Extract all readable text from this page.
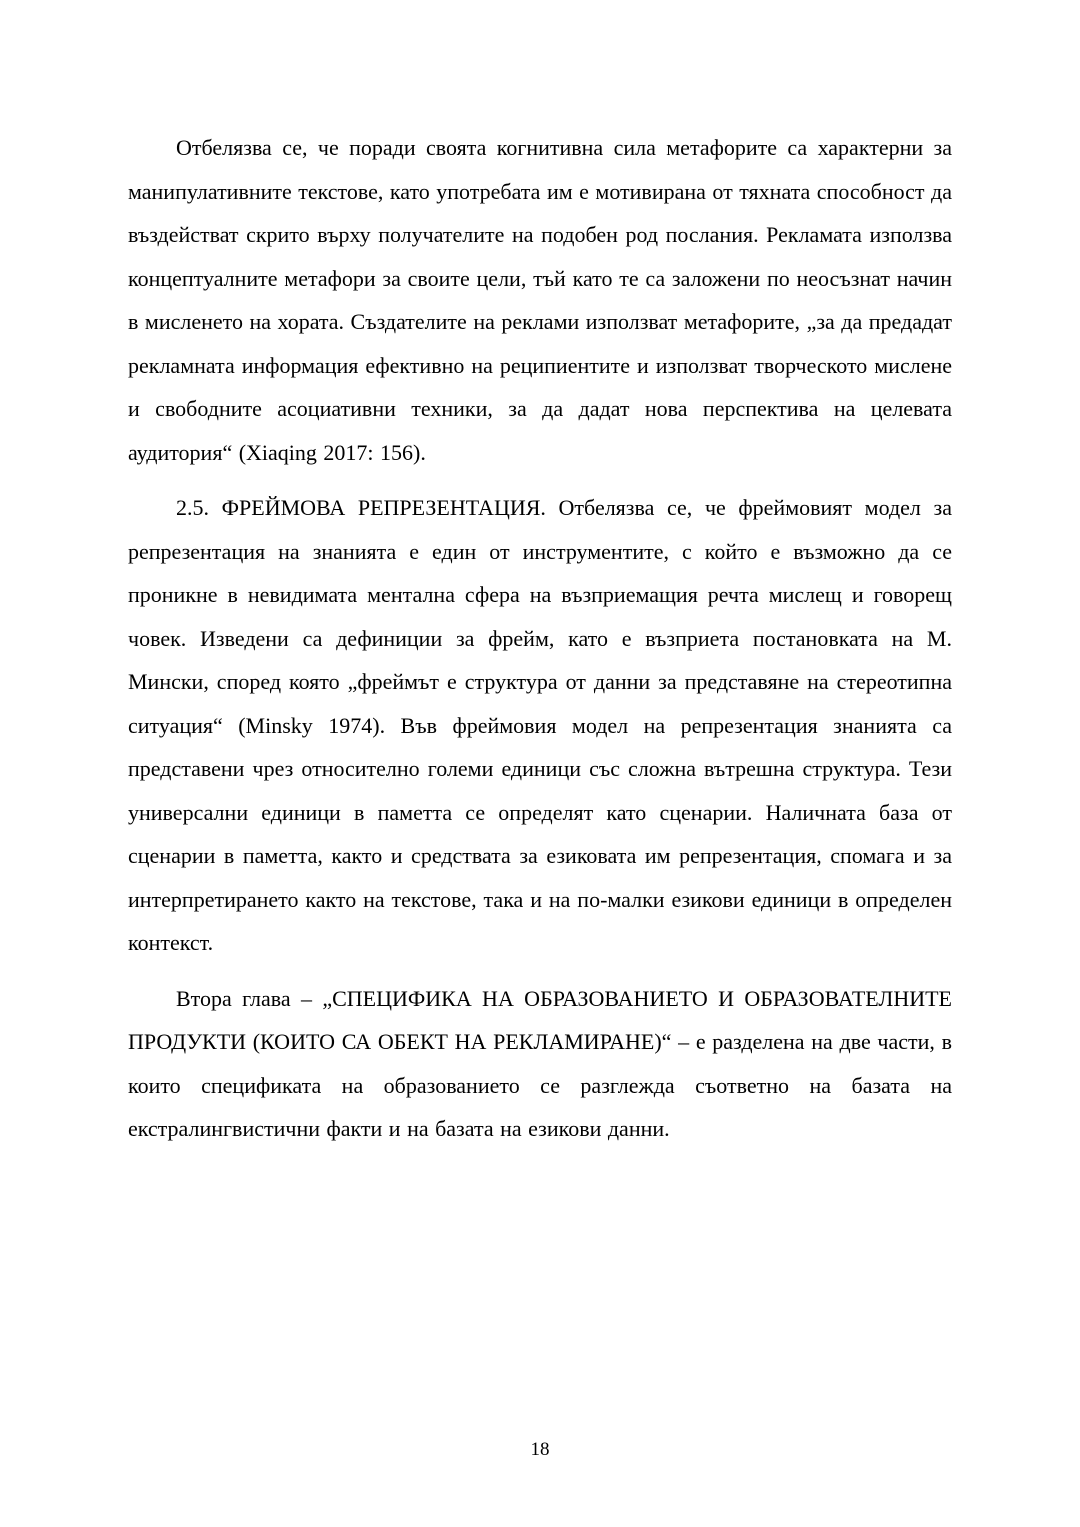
Отбелязва се, че поради своята когнитивна сила метафорите са характерни за манипулативните текстове, като употребата им е мотивирана от тяхната способност да въздействат скрито върху получателите на подобен род послания. Рекламата използва концептуалните метафори за своите цели, тъй като те са заложени по неосъзнат начин в мисленето на хората. Създателите на реклами използват метафорите, „за да предадат рекламната информация ефективно на реципиентите и използват творческото мислене и свободните асоциативни техники, за да дадат нова перспектива на целевата аудитория“ (Xiaqing 2017: 156).

2.5. ФРЕЙМОВА РЕПРЕЗЕНТАЦИЯ. Отбелязва се, че фреймовият модел за репрезентация на знанията е един от инструментите, с който е възможно да се проникне в невидимата ментална сфера на възприемащия речта мислещ и говорещ човек. Изведени са дефиниции за фрейм, като е възприета постановката на М. Мински, според която „фреймът е структура от данни за представяне на стереотипна ситуация“ (Minsky 1974). Във фреймовия модел на репрезентация знанията са представени чрез относително големи единици със сложна вътрешна структура. Тези универсални единици в паметта се определят като сценарии. Наличната база от сценарии в паметта, както и средствата за езиковата им репрезентация, спомага и за интерпретирането както на текстове, така и на по-малки езикови единици в определен контекст.

Втора глава – „СПЕЦИФИКА НА ОБРАЗОВАНИЕТО И ОБРАЗОВАТЕЛНИТЕ ПРОДУКТИ (КОИТО СА ОБЕКТ НА РЕКЛАМИРАНЕ)“ – е разделена на две части, в които спецификата на образованието се разглежда съответно на базата на екстралингвистични факти и на базата на езикови данни.

18
